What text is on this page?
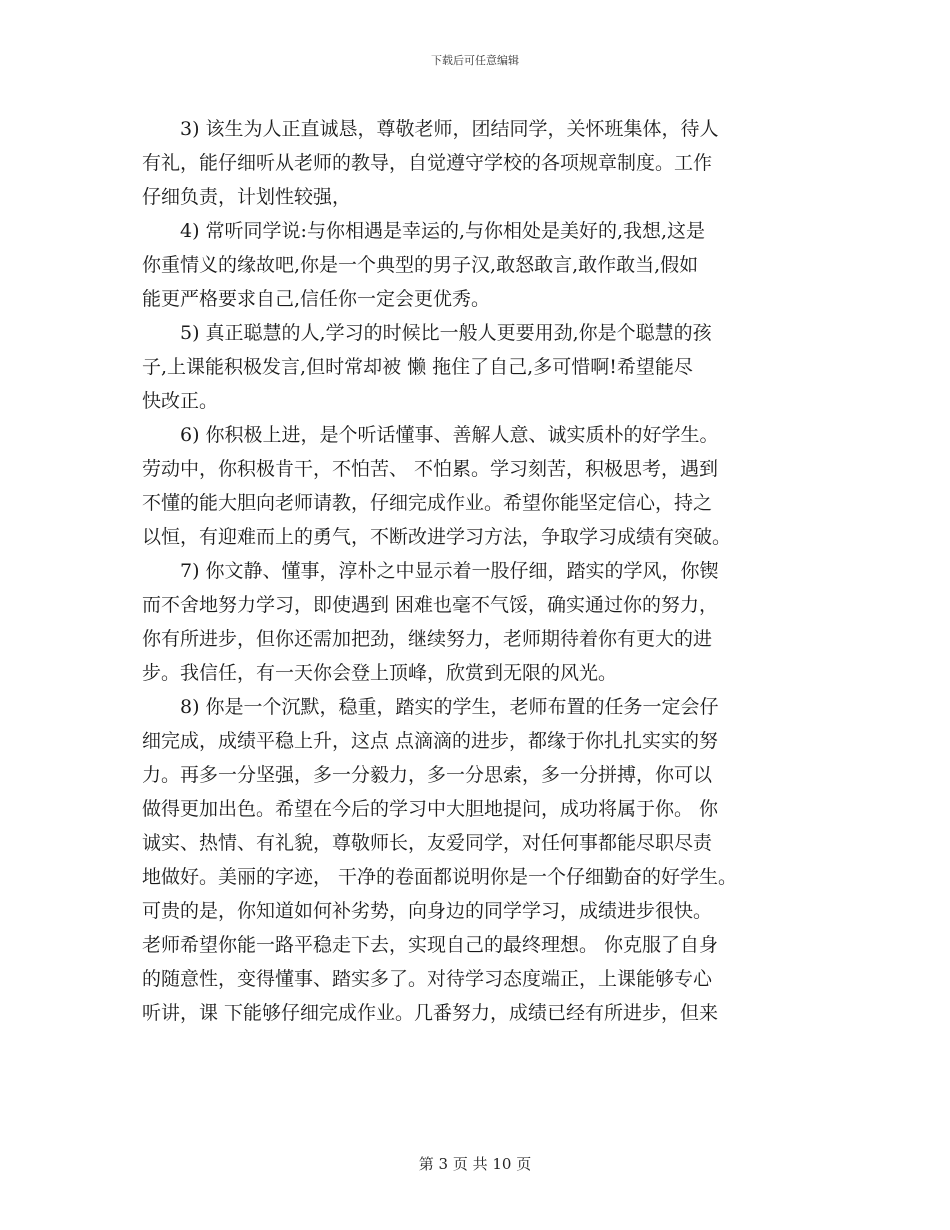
下载后可任意编辑
　　3) 该生为人正直诚恳，尊敬老师，团结同学，关怀班集体，待人
有礼，能仔细听从老师的教导，自觉遵守学校的各项规章制度。工作
仔细负责，计划性较强，
　　4) 常听同学说:与你相遇是幸运的,与你相处是美好的,我想,这是
你重情义的缘故吧,你是一个典型的男子汉,敢怒敢言,敢作敢当,假如
能更严格要求自己,信任你一定会更优秀。
　　5) 真正聪慧的人,学习的时候比一般人更要用劲,你是个聪慧的孩
子,上课能积极发言,但时常却被 懒 拖住了自己,多可惜啊!希望能尽
快改正。
　　6) 你积极上进，是个听话懂事、善解人意、诚实质朴的好学生。
劳动中，你积极肯干，不怕苦、 不怕累。学习刻苦，积极思考，遇到
不懂的能大胆向老师请教，仔细完成作业。希望你能坚定信心，持之
以恒，有迎难而上的勇气，不断改进学习方法，争取学习成绩有突破。
　　7) 你文静、懂事，淳朴之中显示着一股仔细，踏实的学风，你锲
而不舍地努力学习，即使遇到 困难也毫不气馁，确实通过你的努力，
你有所进步，但你还需加把劲，继续努力，老师期待着你有更大的进
步。我信任，有一天你会登上顶峰，欣赏到无限的风光。
　　8) 你是一个沉默，稳重，踏实的学生，老师布置的任务一定会仔
细完成，成绩平稳上升，这点 点滴滴的进步，都缘于你扎扎实实的努
力。再多一分坚强，多一分毅力，多一分思索，多一分拼搏，你可以
做得更加出色。希望在今后的学习中大胆地提问，成功将属于你。 你
诚实、热情、有礼貌，尊敬师长，友爱同学，对任何事都能尽职尽责
地做好。美丽的字迹， 干净的卷面都说明你是一个仔细勤奋的好学生。
可贵的是，你知道如何补劣势，向身边的同学学习，成绩进步很快。
老师希望你能一路平稳走下去，实现自己的最终理想。 你克服了自身
的随意性，变得懂事、踏实多了。对待学习态度端正，上课能够专心
听讲，课 下能够仔细完成作业。几番努力，成绩已经有所进步，但来
第 3 页 共 10 页
